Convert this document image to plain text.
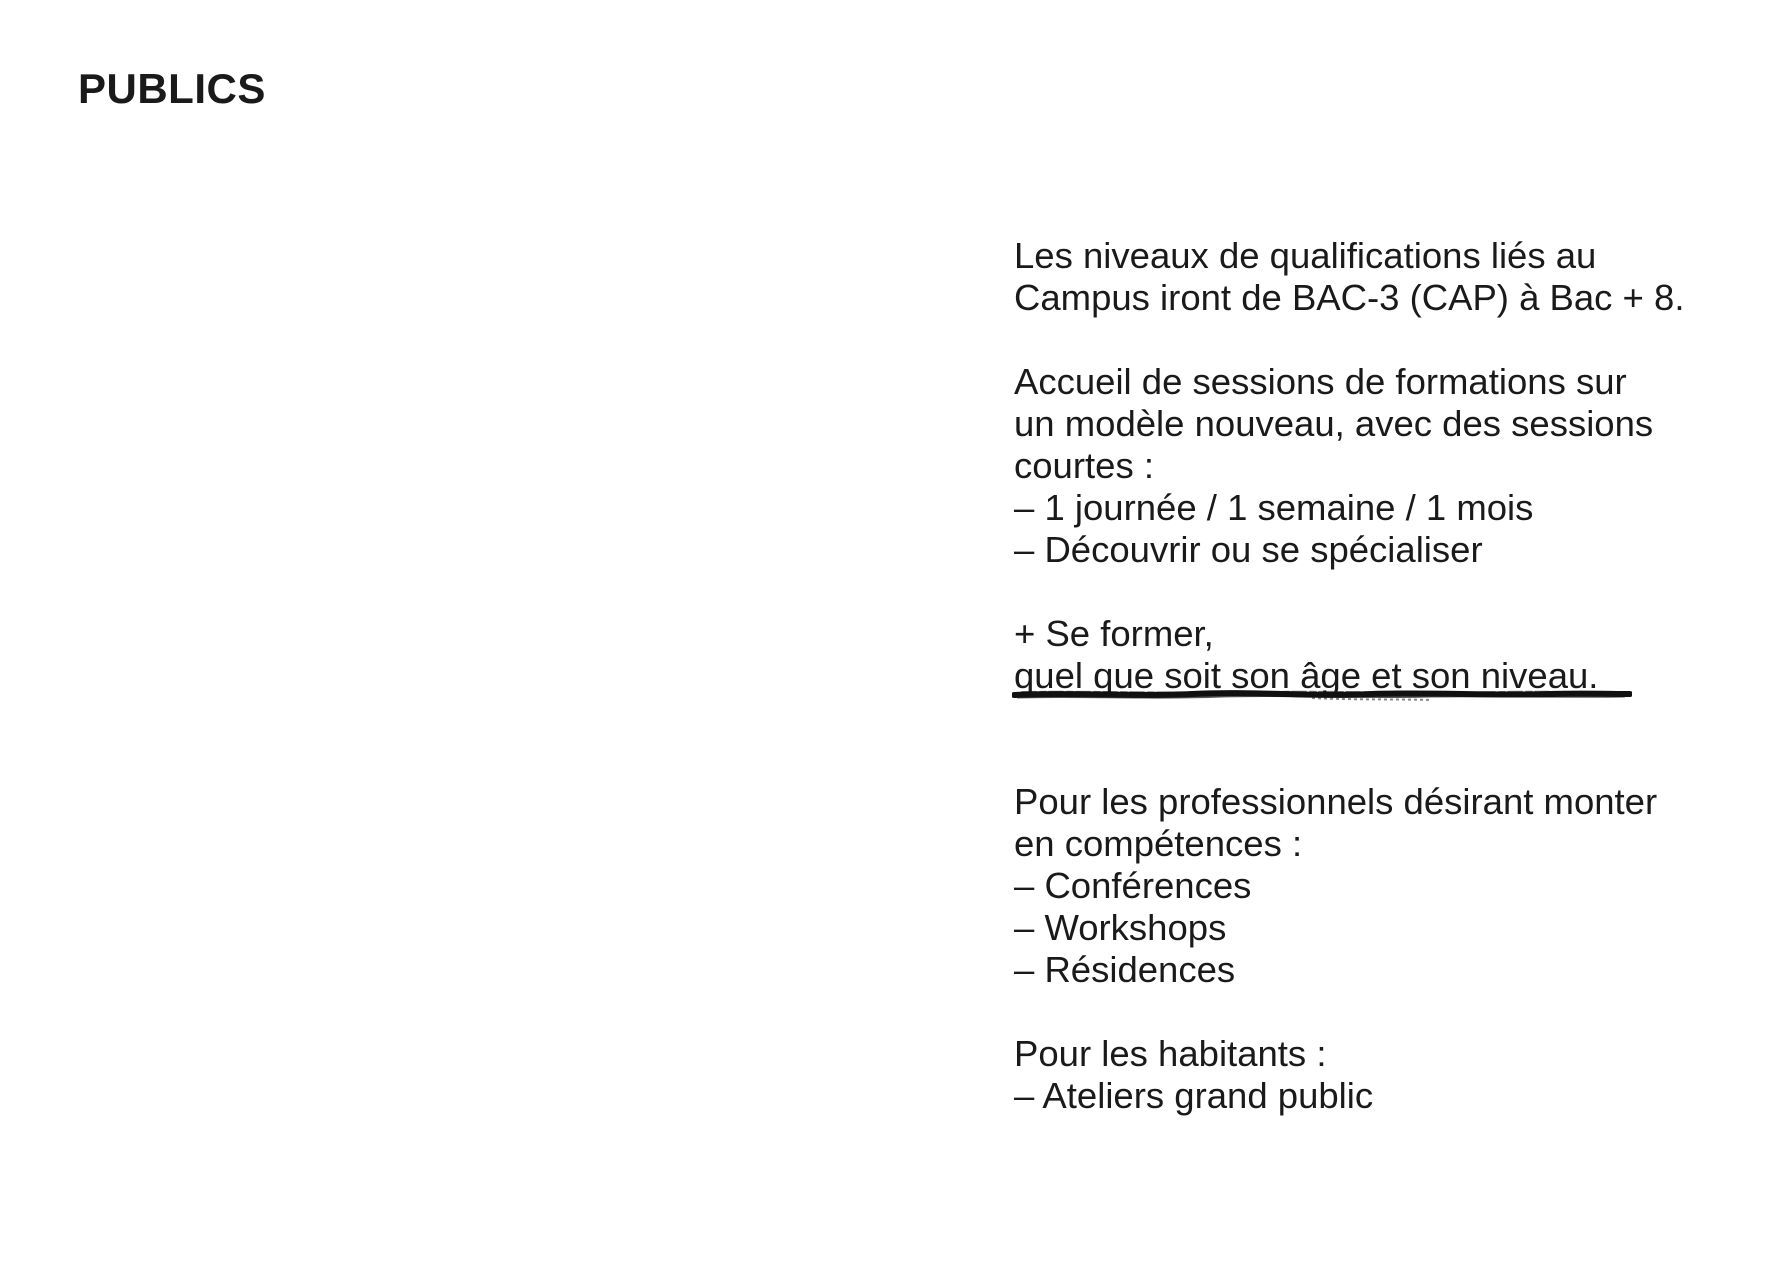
PUBLICS
Les niveaux de qualifications liés au
Campus iront de BAC-3 (CAP) à Bac + 8.
Accueil de sessions de formations sur
un modèle nouveau, avec des sessions
courtes :
– 1 journée / 1 semaine / 1 mois
– Découvrir ou se spécialiser
+ Se former,
quel que soit son âge et son niveau.
Pour les professionnels désirant monter
en compétences :
– Conférences
– Workshops
– Résidences
Pour les habitants :
– Ateliers grand public
